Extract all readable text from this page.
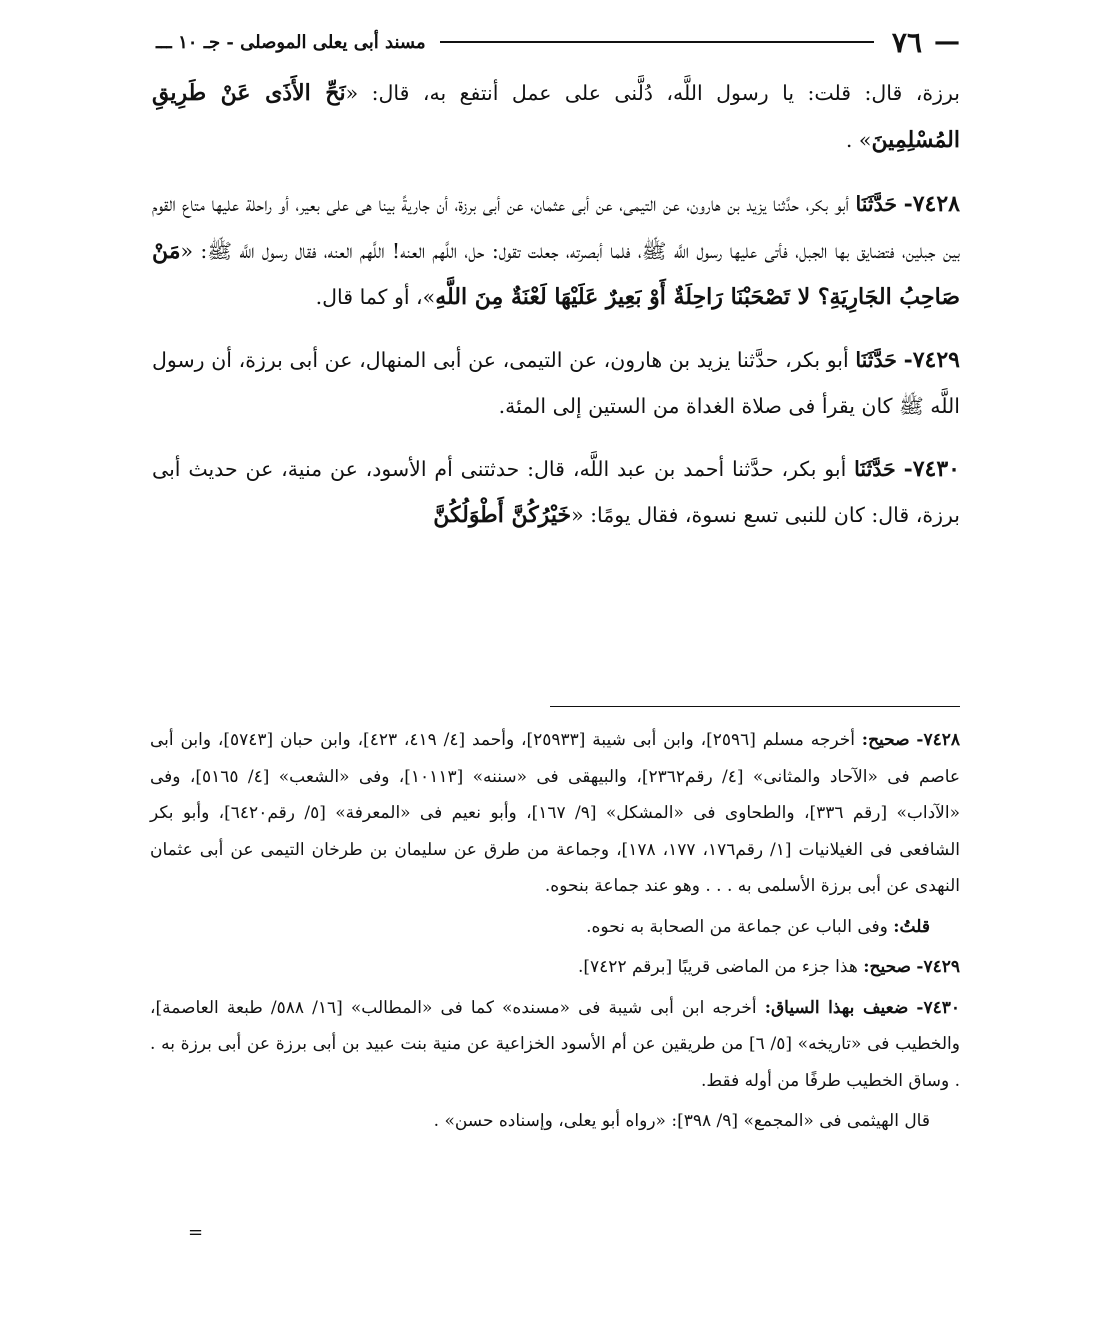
—
٧٦
مسند أبى يعلى الموصلى - جـ ١٠ ـــ

برزة، قال: قلت: يا رسول اللَّه، دُلَّنى على عمل أنتفع به، قال: «نَحِّ الأَذَى عَنْ طَرِيقِ المُسْلِمِينَ» .

٧٤٢٨- حَدَّثَنَا أبو بكر، حدَّثنا يزيد بن هارون، عن التيمى، عن أبى عثمان، عن أبى برزة، أن جاريةً بينا هى على بعير، أو راحلة عليها متاع القوم بين جبلين، فتضايق بها الجبل، فأتى عليها رسول اللَّه ﷺ، فلما أبصرته، جعلت تقول: حل، اللَّهم العنه! اللَّهم العنه، فقال رسول اللَّه ﷺ: «مَنْ صَاحِبُ الجَارِيَةِ؟ لا تَصْحَبْنَا رَاحِلَةٌ أَوْ بَعِيرٌ عَلَيْهَا لَعْنَةٌ مِنَ اللَّهِ»، أو كما قال.

٧٤٢٩- حَدَّثَنَا أبو بكر، حدَّثنا يزيد بن هارون، عن التيمى، عن أبى المنهال، عن أبى برزة، أن رسول اللَّه ﷺ كان يقرأ فى صلاة الغداة من الستين إلى المئة.

٧٤٣٠- حَدَّثَنَا أبو بكر، حدَّثنا أحمد بن عبد اللَّه، قال: حدثتنى أم الأسود، عن منية، عن حديث أبى برزة، قال: كان للنبى تسع نسوة، فقال يومًا: «خَيْرُكُنَّ أَطْوَلُكُنَّ

٧٤٢٨- صحيح: أخرجه مسلم [٢٥٩٦]، وابن أبى شيبة [٢٥٩٣٣]، وأحمد [٤/ ٤١٩، ٤٢٣]، وابن حبان [٥٧٤٣]، وابن أبى عاصم فى «الآحاد والمثانى» [٤/ رقم٢٣٦٢]، والبيهقى فى «سننه» [١٠١١٣]، وفى «الشعب» [٤/ ٥١٦٥]، وفى «الآداب» [رقم ٣٣٦]، والطحاوى فى «المشكل» [٩/ ١٦٧]، وأبو نعيم فى «المعرفة» [٥/ رقم٦٤٢٠]، وأبو بكر الشافعى فى الغيلانيات [١/ رقم١٧٦، ١٧٧، ١٧٨]، وجماعة من طرق عن سليمان بن طرخان التيمى عن أبى عثمان النهدى عن أبى برزة الأسلمى به . . . وهو عند جماعة بنحوه.
قلتُ: وفى الباب عن جماعة من الصحابة به نحوه.
٧٤٢٩- صحيح: هذا جزء من الماضى قريبًا [برقم ٧٤٢٢].
٧٤٣٠- ضعيف بهذا السياق: أخرجه ابن أبى شيبة فى «مسنده» كما فى «المطالب» [١٦/ ٥٨٨/ طبعة العاصمة]، والخطيب فى «تاريخه» [٥/ ٦] من طريقين عن أم الأسود الخزاعية عن منية بنت عبيد بن أبى برزة عن أبى برزة به . . وساق الخطيب طرفًا من أوله فقط.
قال الهيثمى فى «المجمع» [٩/ ٣٩٨]: «رواه أبو يعلى، وإسناده حسن» .
=
